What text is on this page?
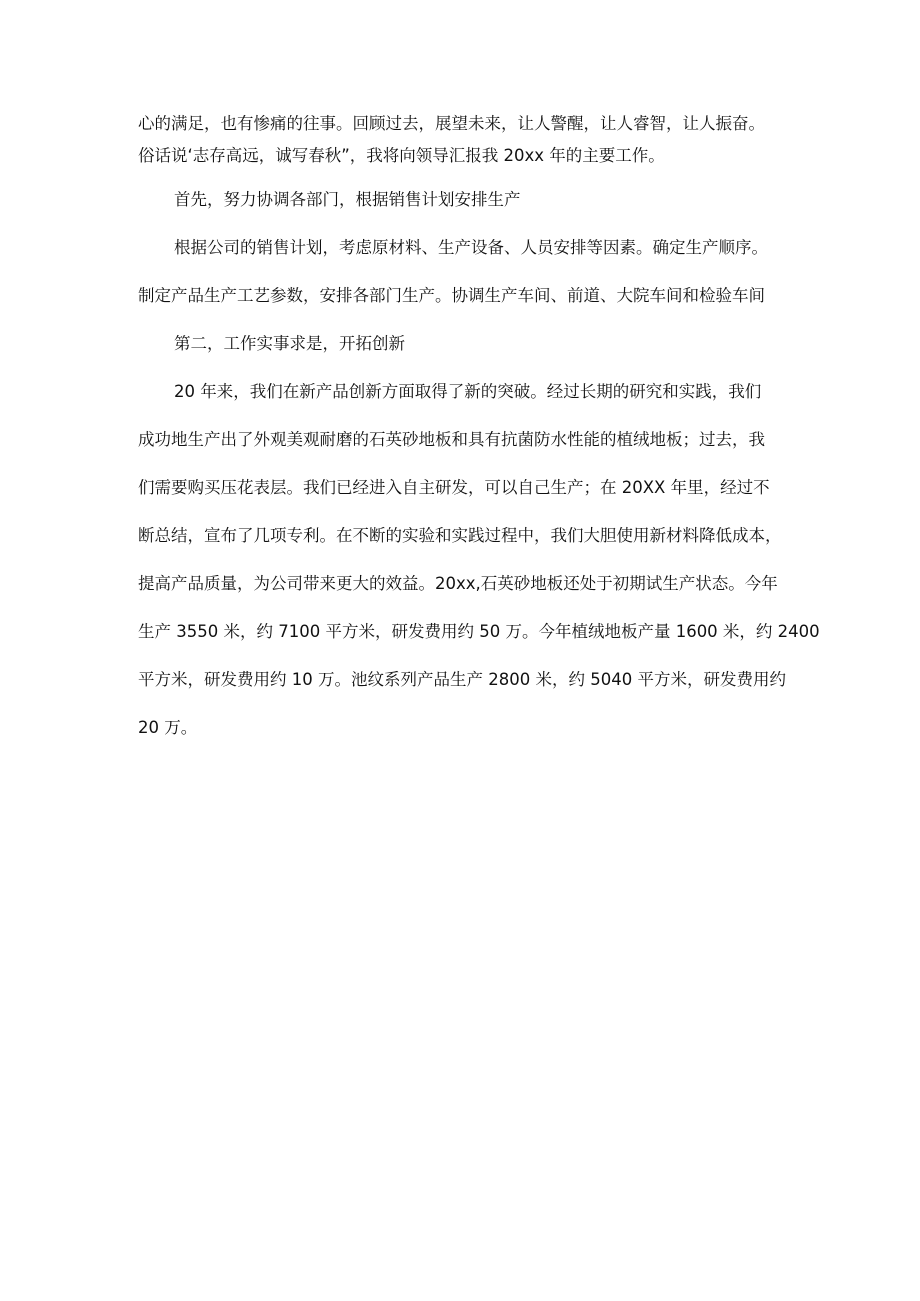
心的满足，也有惨痛的往事。回顾过去，展望未来，让人警醒，让人睿智，让人振奋。
俗话说‘志存高远，诚写春秋”，我将向领导汇报我 20xx 年的主要工作。
首先，努力协调各部门，根据销售计划安排生产
根据公司的销售计划，考虑原材料、生产设备、人员安排等因素。确定生产顺序。
制定产品生产工艺参数，安排各部门生产。协调生产车间、前道、大院车间和检验车间
第二，工作实事求是，开拓创新
20 年来，我们在新产品创新方面取得了新的突破。经过长期的研究和实践，我们
成功地生产出了外观美观耐磨的石英砂地板和具有抗菌防水性能的植绒地板；过去，我
们需要购买压花表层。我们已经进入自主研发，可以自己生产；在 20XX 年里，经过不
断总结，宣布了几项专利。在不断的实验和实践过程中，我们大胆使用新材料降低成本，
提高产品质量，为公司带来更大的效益。20xx,石英砂地板还处于初期试生产状态。今年
生产 3550 米，约 7100 平方米，研发费用约 50 万。今年植绒地板产量 1600 米，约 2400
平方米，研发费用约 10 万。池纹系列产品生产 2800 米，约 5040 平方米，研发费用约
20 万。
